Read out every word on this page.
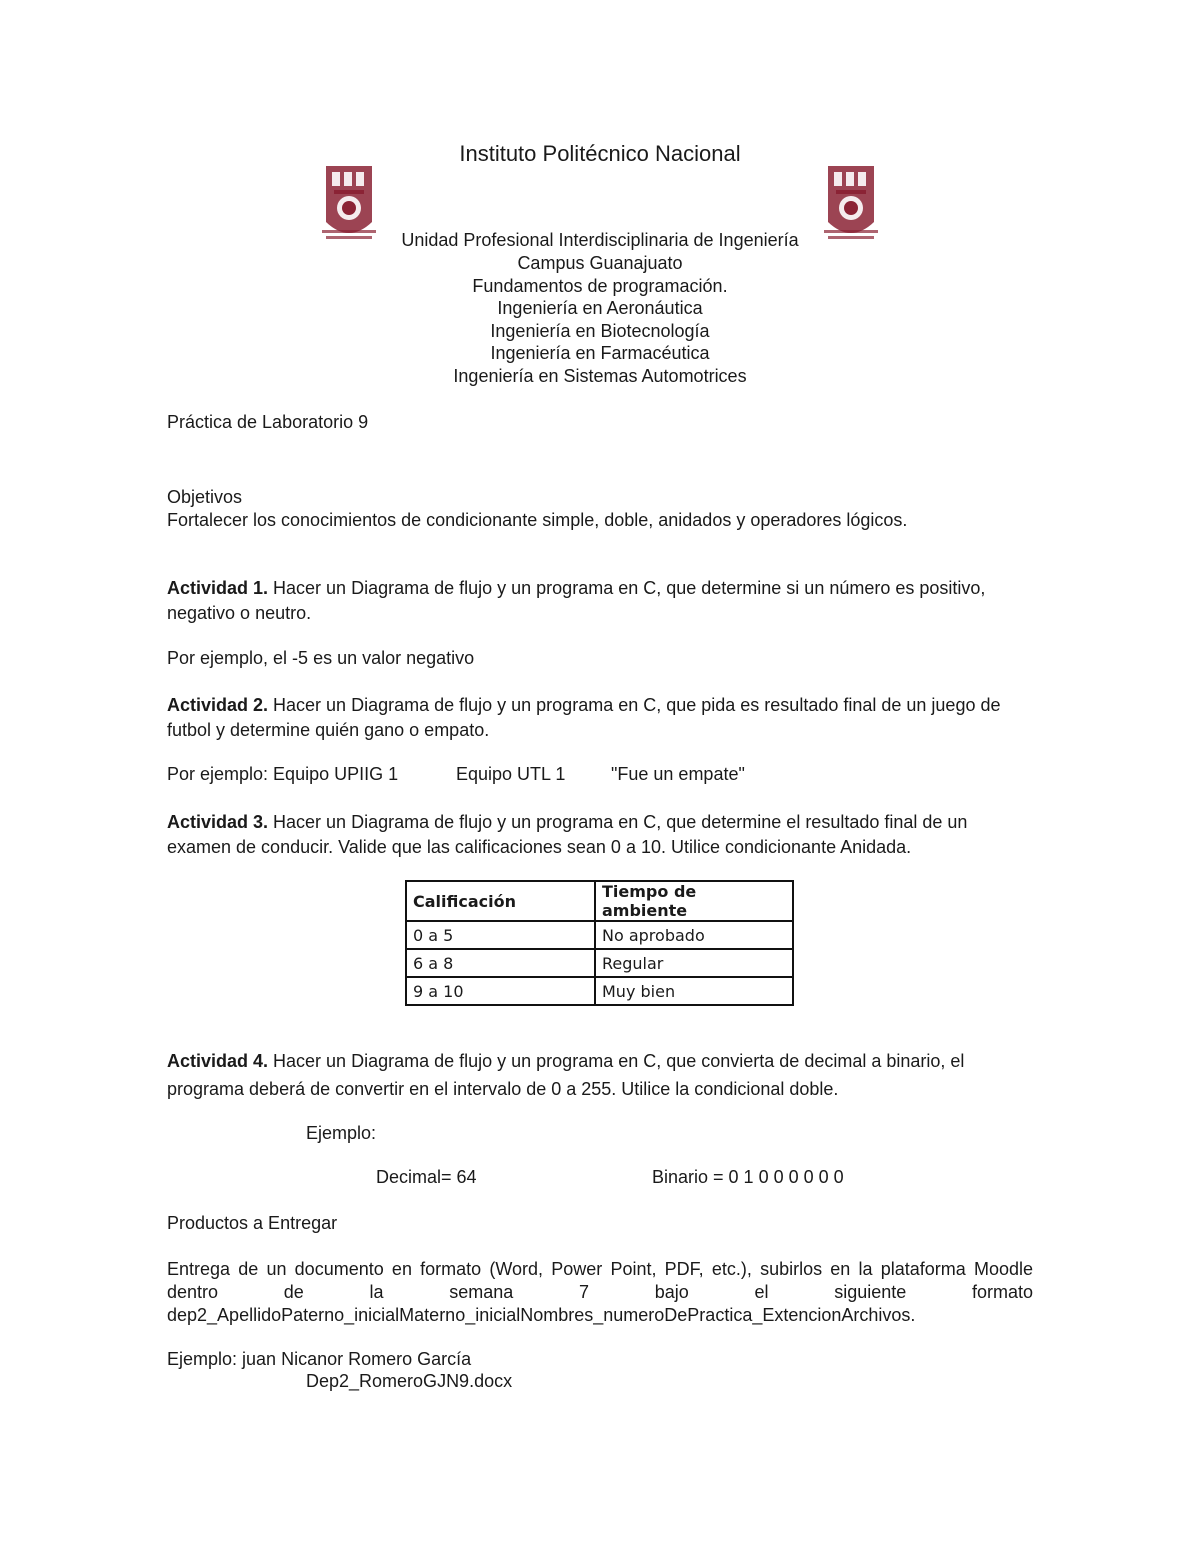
Instituto Politécnico Nacional
Unidad Profesional Interdisciplinaria de Ingeniería
Campus Guanajuato
Fundamentos de programación.
Ingeniería en Aeronáutica
Ingeniería en Biotecnología
Ingeniería en Farmacéutica
Ingeniería en Sistemas Automotrices
Práctica de Laboratorio 9
Objetivos
Fortalecer los conocimientos de condicionante simple, doble, anidados y operadores lógicos.
Actividad 1. Hacer un Diagrama de flujo y un programa en C, que determine si un número es positivo, negativo o neutro.
Por ejemplo, el -5 es un valor negativo
Actividad 2. Hacer un Diagrama de flujo y un programa en C, que pida es resultado final de un juego de futbol y determine quién gano o empato.
Por ejemplo: Equipo UPIIG 1	Equipo UTL 1	"Fue un empate"
Actividad 3. Hacer un Diagrama de flujo y un programa en C, que determine el resultado final de un examen de conducir. Valide que las calificaciones sean 0 a 10. Utilice condicionante Anidada.
Calificación	Tiempo de ambiente
0 a 5	No aprobado
6 a 8	Regular
9 a 10	Muy bien
Actividad 4. Hacer un Diagrama de flujo y un programa en C, que convierta de decimal a binario, el programa deberá de convertir en el intervalo de 0 a 255. Utilice la condicional doble.
Ejemplo:
Decimal= 64	Binario = 0 1 0 0 0 0 0 0
Productos a Entregar
Entrega de un documento en formato (Word, Power Point, PDF, etc.), subirlos en la plataforma Moodle dentro de la semana 7 bajo el siguiente formato dep2_ApellidoPaterno_inicialMaterno_inicialNombres_numeroDePractica_ExtencionArchivos.
Ejemplo: juan Nicanor Romero García
Dep2_RomeroGJN9.docx
